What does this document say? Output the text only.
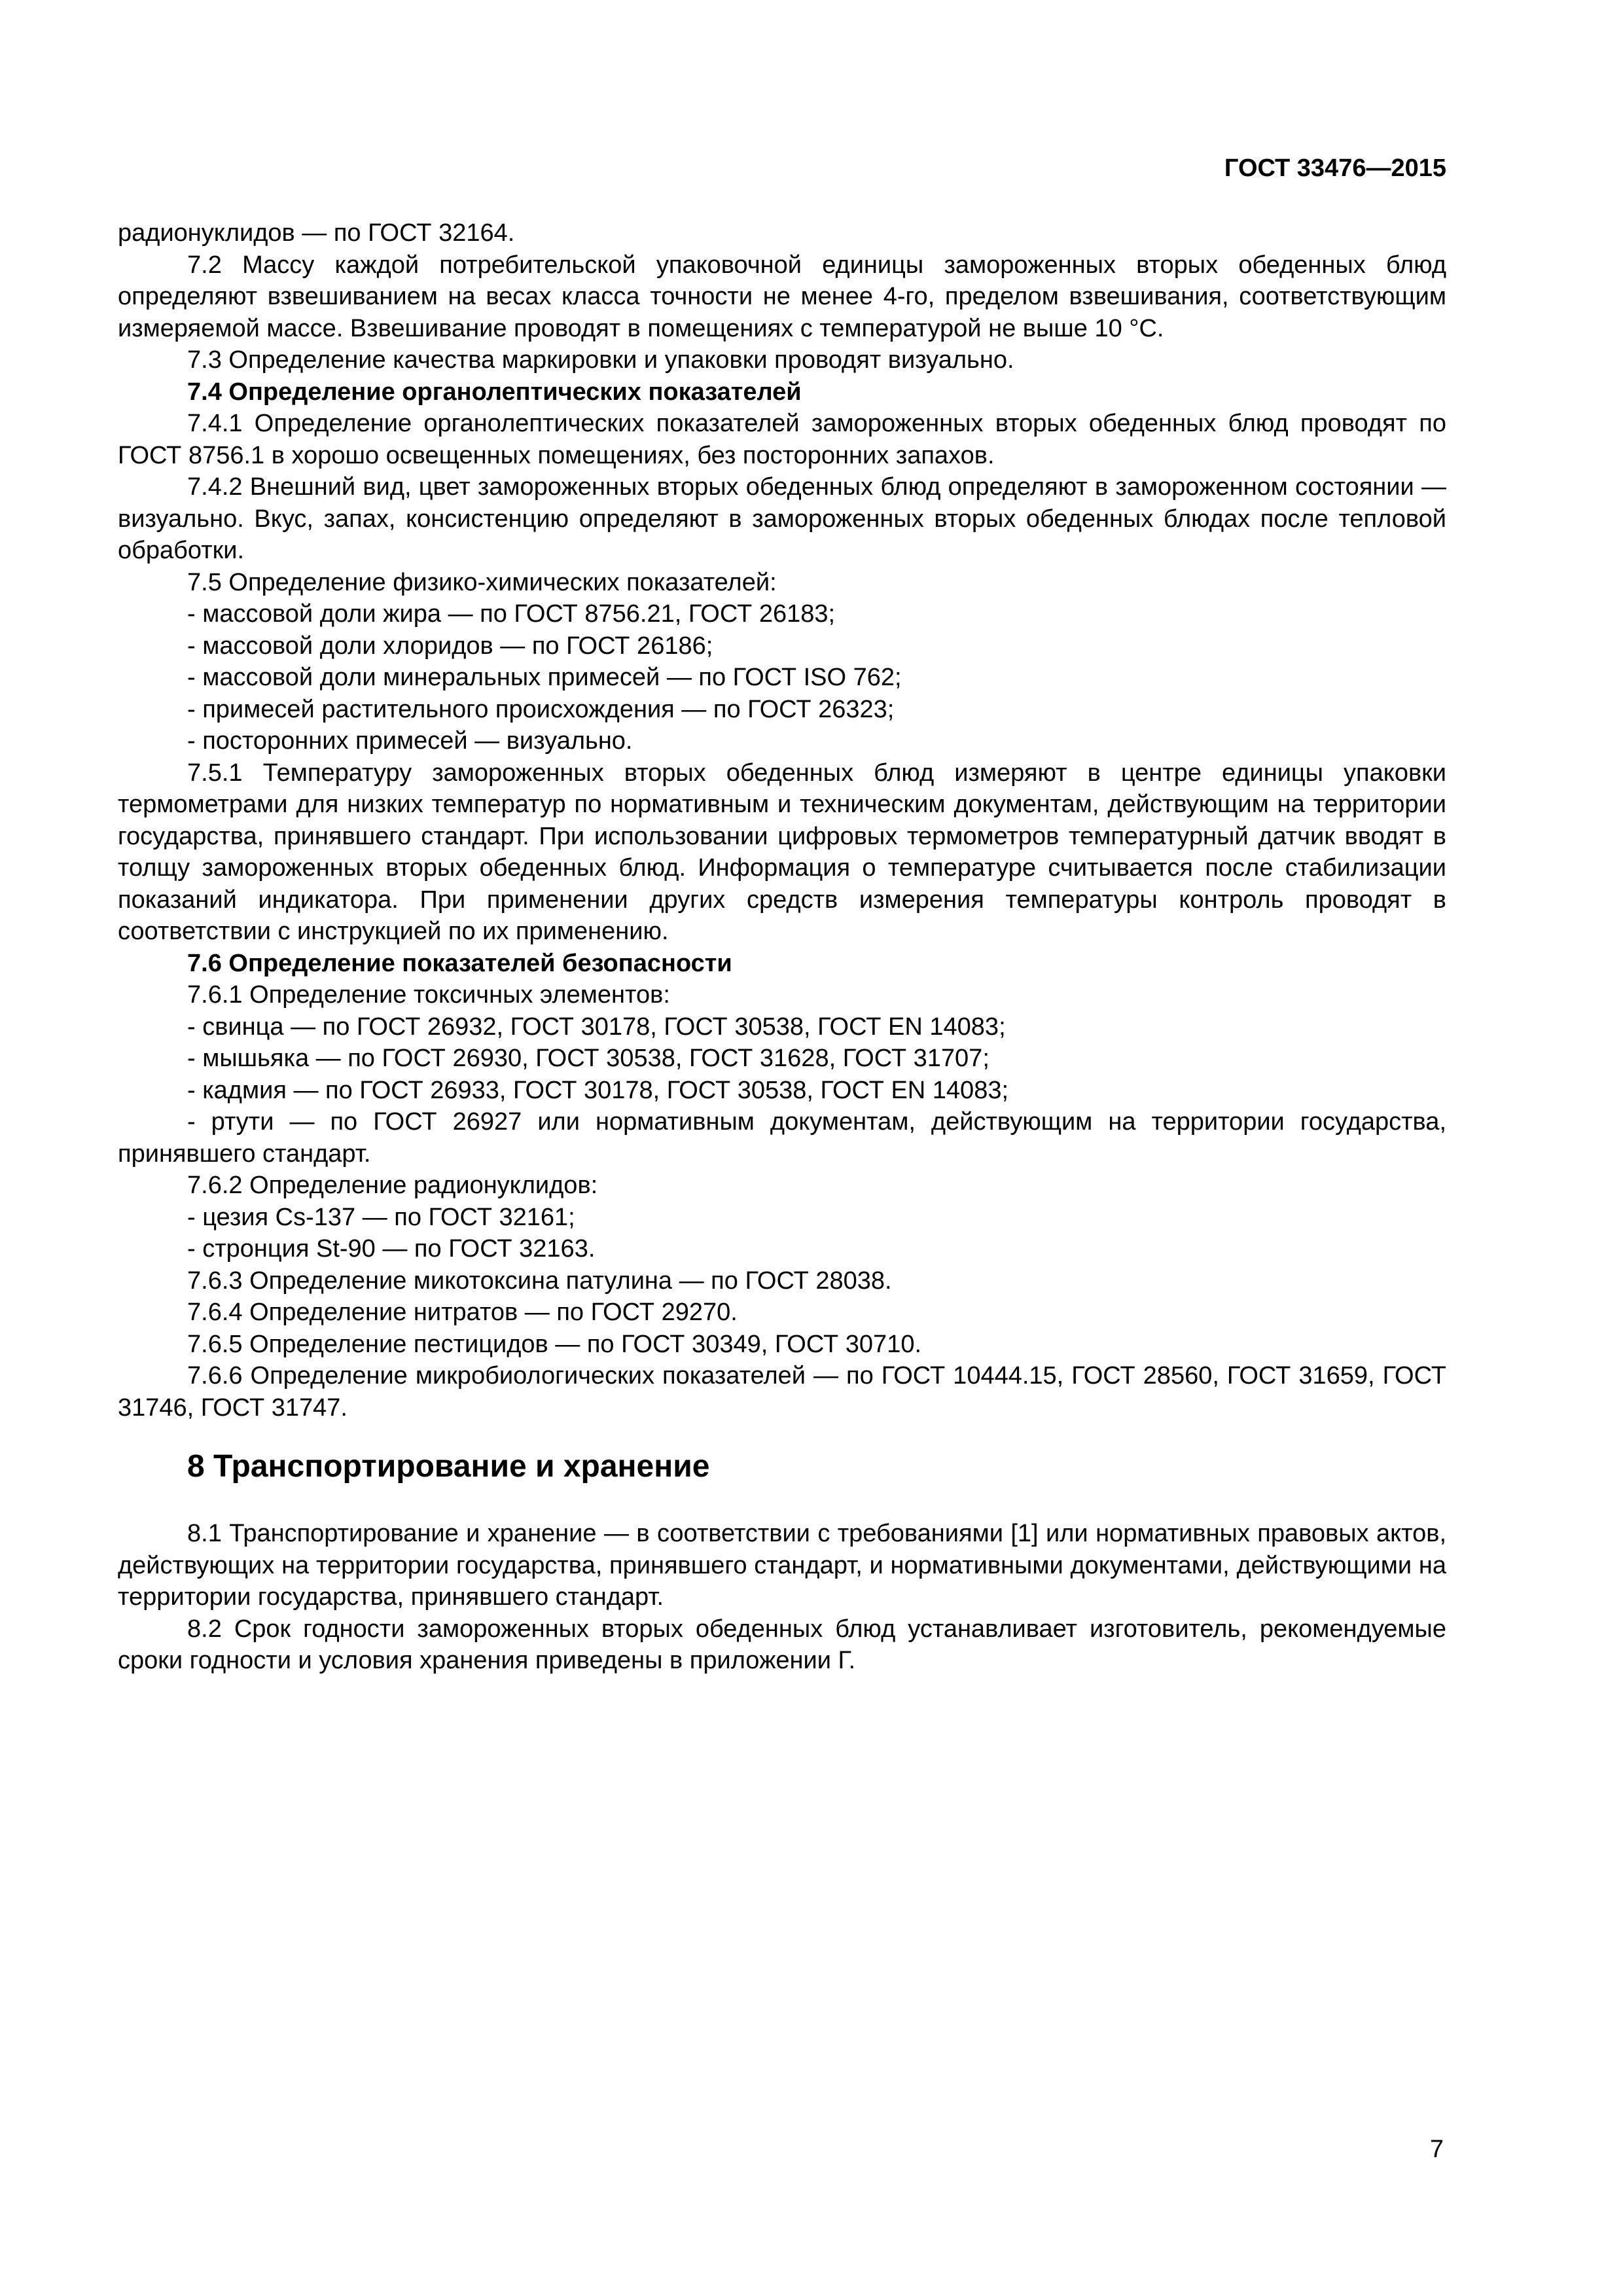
ГОСТ 33476—2015

радионуклидов — по ГОСТ 32164.

7.2 Массу каждой потребительской упаковочной единицы замороженных вторых обеденных блюд определяют взвешиванием на весах класса точности не менее 4-го, пределом взвешивания, соответствующим измеряемой массе. Взвешивание проводят в помещениях с температурой не выше 10 °С.

7.3 Определение качества маркировки и упаковки проводят визуально.

7.4 Определение органолептических показателей

7.4.1 Определение органолептических показателей замороженных вторых обеденных блюд проводят по ГОСТ 8756.1 в хорошо освещенных помещениях, без посторонних запахов.

7.4.2 Внешний вид, цвет замороженных вторых обеденных блюд определяют в замороженном состоянии — визуально. Вкус, запах, консистенцию определяют в замороженных вторых обеденных блюдах после тепловой обработки.

7.5 Определение физико-химических показателей:

- массовой доли жира — по ГОСТ 8756.21, ГОСТ 26183;

- массовой доли хлоридов — по ГОСТ 26186;

- массовой доли минеральных примесей — по ГОСТ ISO 762;

- примесей растительного происхождения — по ГОСТ 26323;

- посторонних примесей — визуально.

7.5.1 Температуру замороженных вторых обеденных блюд измеряют в центре единицы упаковки термометрами для низких температур по нормативным и техническим документам, действующим на территории государства, принявшего стандарт. При использовании цифровых термометров температурный датчик вводят в толщу замороженных вторых обеденных блюд. Информация о температуре считывается после стабилизации показаний индикатора. При применении других средств измерения температуры контроль проводят в соответствии с инструкцией по их применению.

7.6 Определение показателей безопасности

7.6.1 Определение токсичных элементов:

- свинца — по ГОСТ 26932, ГОСТ 30178, ГОСТ 30538, ГОСТ EN 14083;

- мышьяка — по ГОСТ 26930, ГОСТ 30538, ГОСТ 31628, ГОСТ 31707;

- кадмия — по ГОСТ 26933, ГОСТ 30178, ГОСТ 30538, ГОСТ EN 14083;

- ртути — по ГОСТ 26927 или нормативным документам, действующим на территории государства, принявшего стандарт.

7.6.2 Определение радионуклидов:

- цезия Cs-137 — по ГОСТ 32161;

- стронция St-90 — по ГОСТ 32163.

7.6.3 Определение микотоксина патулина — по ГОСТ 28038.

7.6.4 Определение нитратов — по ГОСТ 29270.

7.6.5 Определение пестицидов — по ГОСТ 30349, ГОСТ 30710.

7.6.6 Определение микробиологических показателей — по ГОСТ 10444.15, ГОСТ 28560, ГОСТ 31659, ГОСТ 31746, ГОСТ 31747.

8 Транспортирование и хранение

8.1 Транспортирование и хранение — в соответствии с требованиями [1] или нормативных правовых актов, действующих на территории государства, принявшего стандарт, и нормативными документами, действующими на территории государства, принявшего стандарт.

8.2 Срок годности замороженных вторых обеденных блюд устанавливает изготовитель, рекомендуемые сроки годности и условия хранения приведены в приложении Г.

7
